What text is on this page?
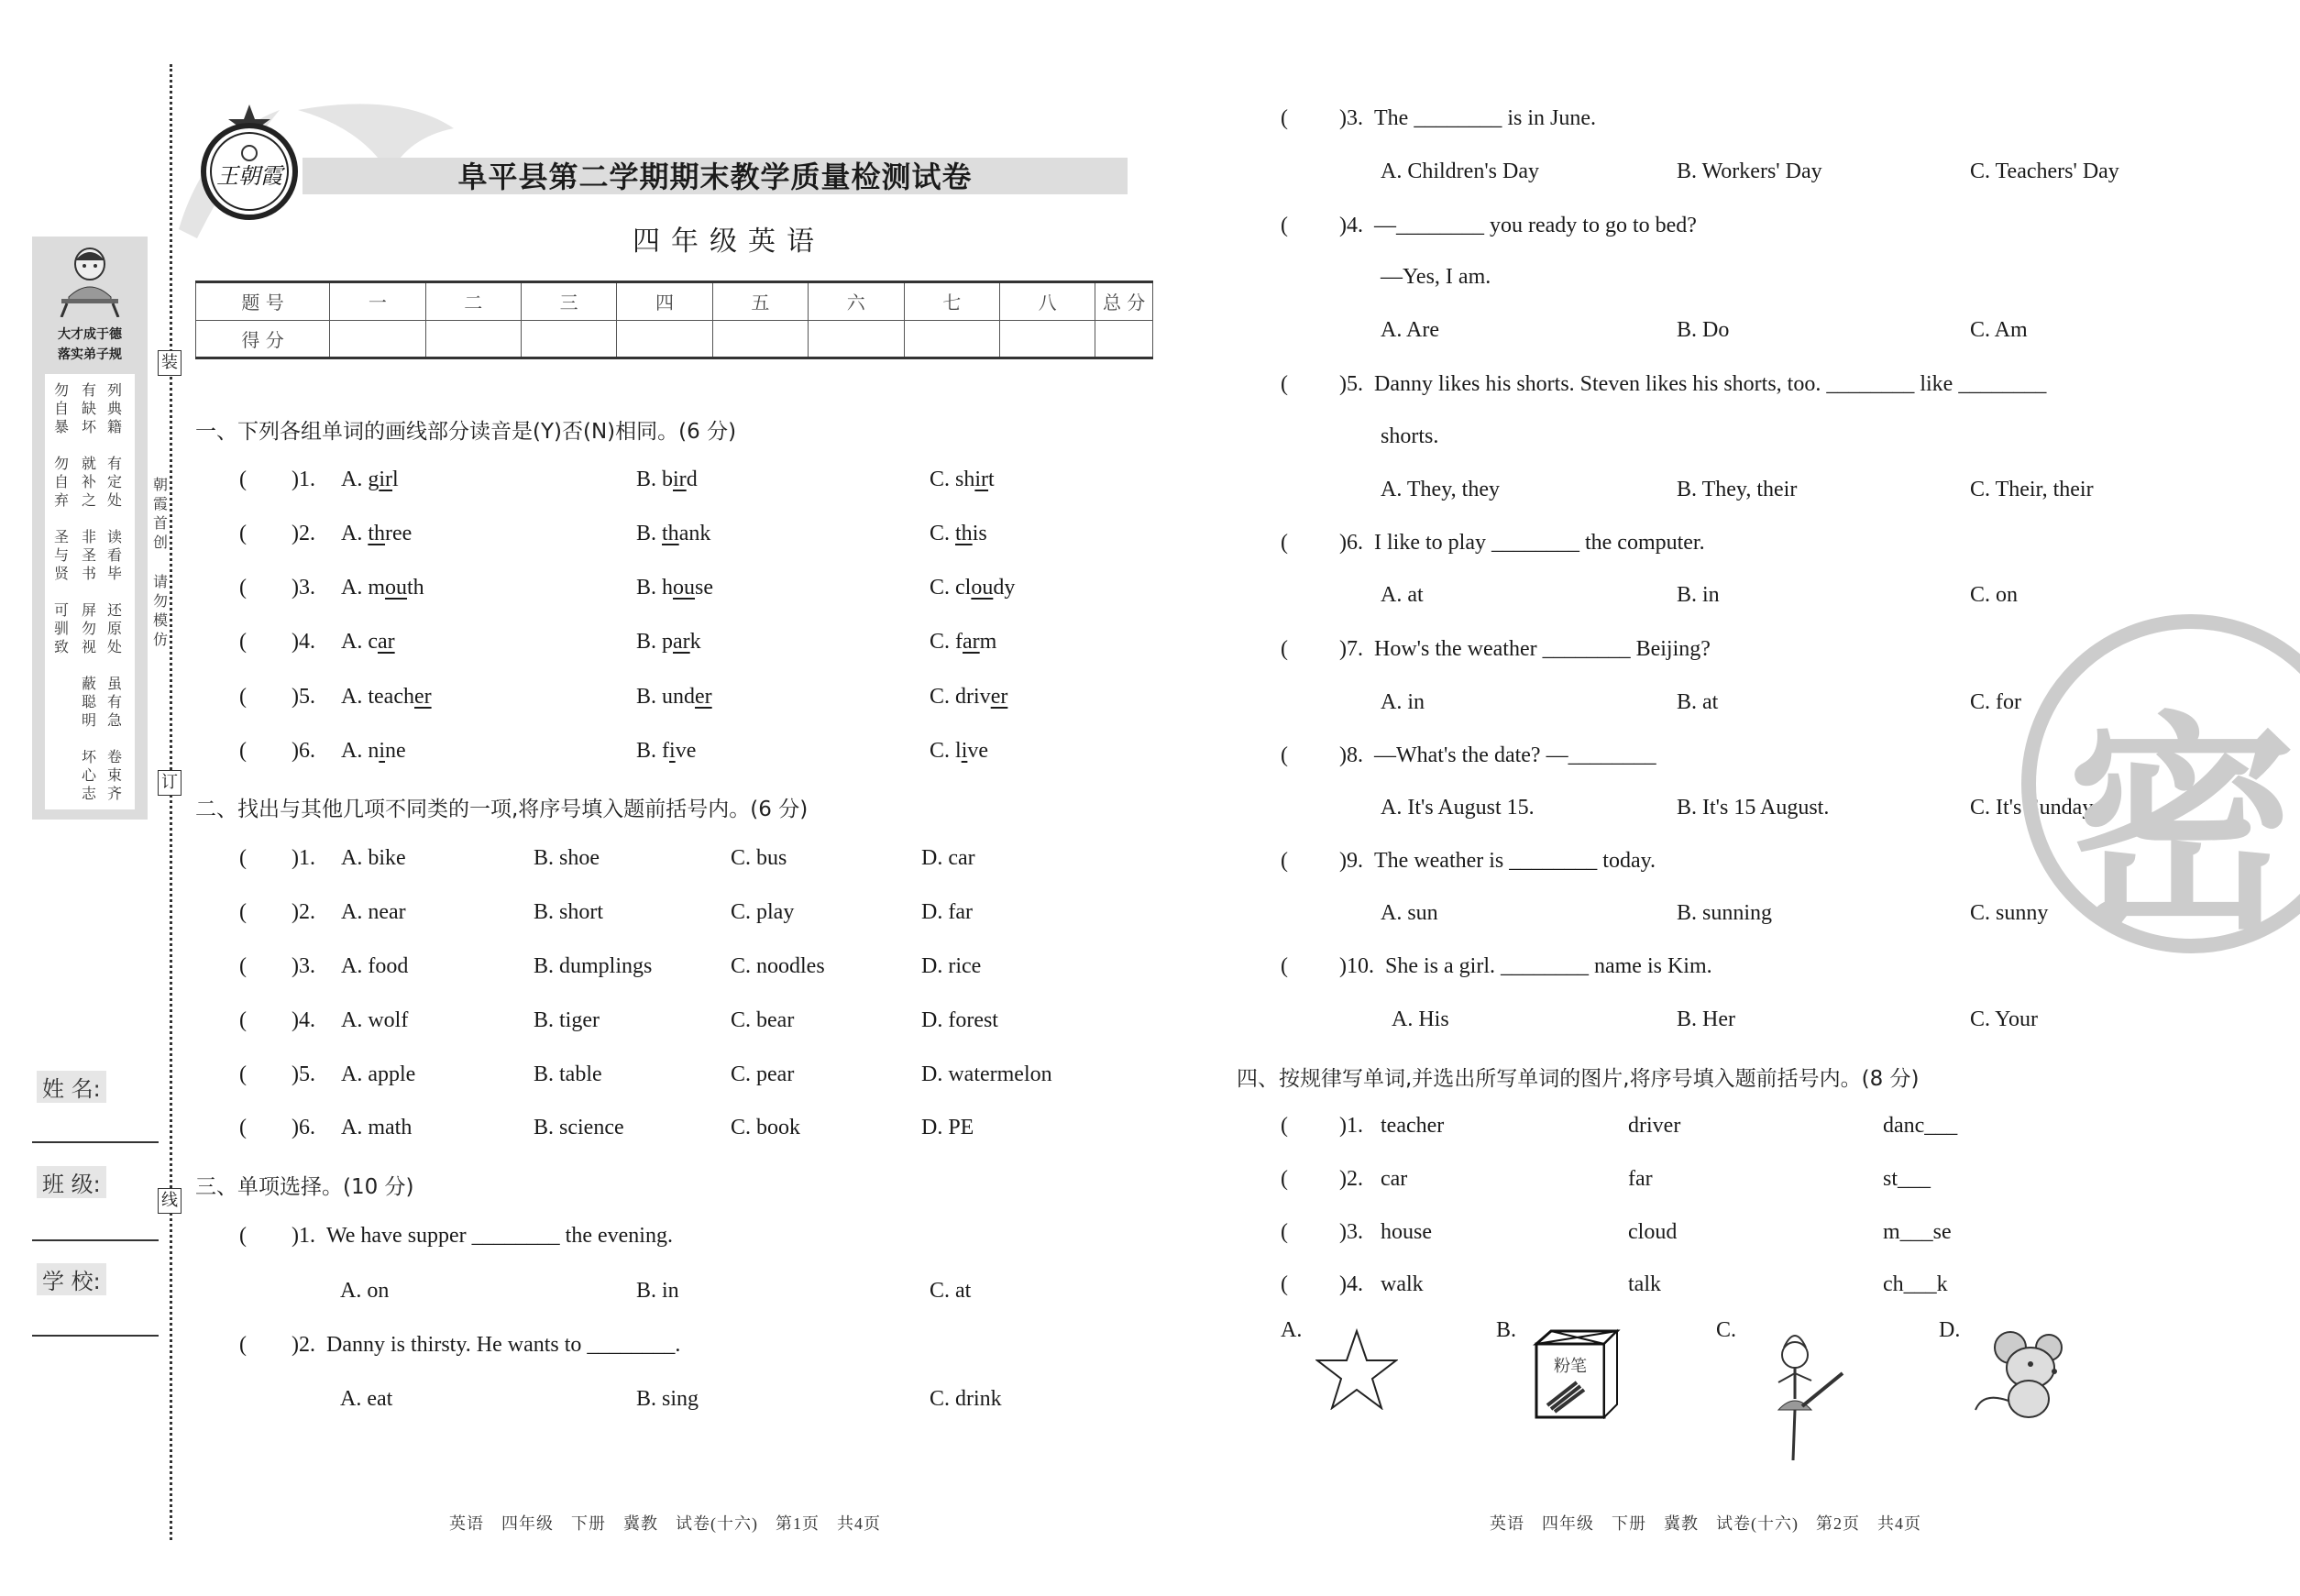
装
订
线
朝霞首创
请勿模仿
大才成于德
落实弟子规
列典籍
有定处
读看毕
还原处
虽有急
卷束齐
有缺坏
就补之
非圣书
屏勿视
蔽聪明
坏心志
勿自暴
勿自弃
圣与贤
可驯致
姓 名:
班 级:
学 校:
王朝霞	阜平县第二学期期末教学质量检测试卷
四年级英语
题 号	一	二	三	四	五	六	七	八	总 分
得 分									
一、下列各组单词的画线部分读音是(Y)否(N)相同。(6 分)
( )1. A. girl	B. bird	C. shirt
( )2. A. three	B. thank	C. this
( )3. A. mouth	B. house	C. cloudy
( )4. A. car	B. park	C. farm
( )5. A. teacher	B. under	C. driver
( )6. A. nine	B. five	C. live
二、找出与其他几项不同类的一项,将序号填入题前括号内。(6 分)
( )1. A. bike	B. shoe	C. bus	D. car
( )2. A. near	B. short	C. play	D. far
( )3. A. food	B. dumplings	C. noodles	D. rice
( )4. A. wolf	B. tiger	C. bear	D. forest
( )5. A. apple	B. table	C. pear	D. watermelon
( )6. A. math	B. science	C. book	D. PE
三、单项选择。(10 分)
( )1. We have supper ________ the evening.
A. on	B. in	C. at
( )2. Danny is thirsty. He wants to ________.
A. eat	B. sing	C. drink
( )3. The ________ is in June.
A. Children's Day	B. Workers' Day	C. Teachers' Day
( )4. —________ you ready to go to bed?
—Yes, I am.
A. Are	B. Do	C. Am
( )5. Danny likes his shorts. Steven likes his shorts, too. ________ like ________
shorts.
A. They, they	B. They, their	C. Their, their
( )6. I like to play ________ the computer.
A. at	B. in	C. on
( )7. How's the weather ________ Beijing?
A. in	B. at	C. for
( )8. —What's the date? —________
A. It's August 15.	B. It's 15 August.	C. It's Sunday.
( )9. The weather is ________ today.
A. sun	B. sunning	C. sunny
( )10. She is a girl. ________ name is Kim.
A. His	B. Her	C. Your
四、按规律写单词,并选出所写单词的图片,将序号填入题前括号内。(8 分)
( )1. teacher	driver	danc___
( )2. car	far	st___
( )3. house	cloud	m___se
( )4. walk	talk	ch___k
A.	B.
粉笔
C.	D.
密
英语　四年级　下册　冀教　试卷(十六)　第1页　共4页	英语　四年级　下册　冀教　试卷(十六)　第2页　共4页
